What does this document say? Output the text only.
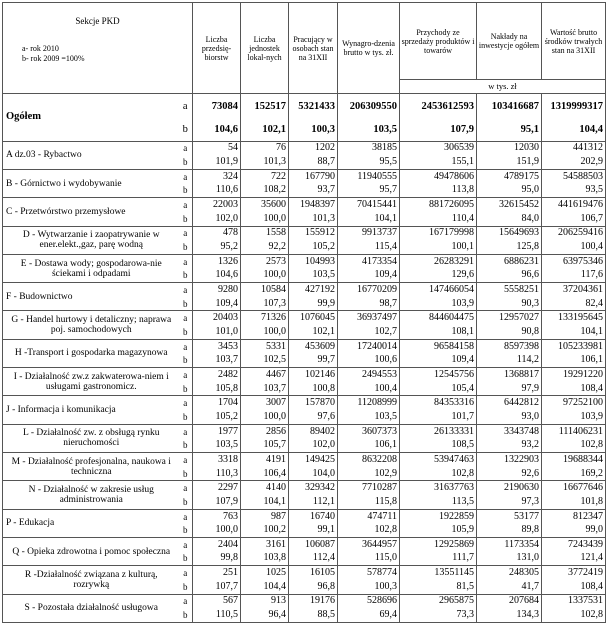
Sekcje PKD
a- rok 2010
b- rok 2009 =100%		Liczba przedsię-biorstw	Liczba jednostek lokal-nych	Pracujący w osobach stan na 31XII	Wynagro-dzenia brutto w tys. zł.	Przychody ze sprzedaży produktów i towarów	Nakłady na inwestycje ogółem	Wartość brutto środków trwałych stan na 31XII
						w tys. zł		
Ogółem	a	73084	152517	5321433	206309550	2453612593	103416687	1319999317
	b	104,6	102,1	100,3	103,5	107,9	95,1	104,4
A dz.03 - Rybactwo	a	54	76	1202	38185	306539	12030	441312
	b	101,9	101,3	88,7	95,5	155,1	151,9	202,9
B - Górnictwo i wydobywanie	a	324	722	167790	11940555	49478606	4789175	54588503
	b	110,6	108,2	93,7	95,7	113,8	95,0	93,5
C - Przetwórstwo przemysłowe	a	22003	35600	1948397	70415441	881726095	32615452	441619476
	b	102,0	100,0	101,3	104,1	110,4	84,0	106,7
D - Wytwarzanie i zaopatrywanie w ener.elekt.,gaz, parę wodną	a	478	1558	155912	9913737	167179998	15649693	206259416
	b	95,2	92,2	105,2	115,4	100,1	125,8	100,4
E - Dostawa wody; gospodarowa-nie ściekami i odpadami	a	1326	2573	104993	4173354	26283291	6886231	63975346
	b	104,6	100,0	103,5	109,4	129,6	96,6	117,6
F - Budownictwo	a	9280	10584	427192	16770209	147466054	5558251	37204361
	b	109,4	107,3	99,9	98,7	103,9	90,3	82,4
G - Handel hurtowy i detaliczny; naprawa poj. samochodowych	a	20403	71326	1076045	36937497	844604475	12957027	133195645
	b	101,0	100,0	102,1	102,7	108,1	90,8	104,1
H -Transport i gospodarka magazynowa	a	3453	5331	453609	17240014	96584158	8597398	105233981
	b	103,7	102,5	99,7	100,6	109,4	114,2	106,1
I - Działalność zw.z zakwaterowa-niem i usługami gastronomicz.	a	2482	4467	102146	2494553	12545756	1368817	19291220
	b	105,8	103,7	100,8	100,4	105,4	97,9	108,4
J - Informacja i komunikacja	a	1704	3007	157870	11208999	84353316	6442812	97252100
	b	105,2	100,0	97,6	103,5	101,7	93,0	103,9
L - Działalność zw. z obsługą rynku nieruchomości	a	1977	2856	89402	3607373	26133331	3343748	111406231
	b	103,5	105,7	102,0	106,1	108,5	93,2	102,8
M - Działalność profesjonalna, naukowa i techniczna	a	3318	4191	149425	8632208	53947463	1322903	19688344
	b	110,3	106,4	104,0	102,9	102,8	92,6	169,2
N - Działalność w zakresie usług administrowania	a	2297	4140	329342	7710287	31637763	2190630	16677646
	b	107,9	104,1	112,1	115,8	113,5	97,3	101,8
P - Edukacja	a	763	987	16740	474711	1922859	53177	812347
	b	100,0	100,2	99,1	102,8	105,9	89,8	99,0
Q - Opieka zdrowotna i pomoc społeczna	a	2404	3161	106087	3644957	12925869	1173354	7243439
	b	99,8	103,8	112,4	115,0	111,7	131,0	121,4
R -Działalność związana z kulturą, rozrywką	a	251	1025	16105	578774	13551145	248305	3772419
	b	107,7	104,4	96,8	100,3	81,5	41,7	108,4
S - Pozostała działalność usługowa	a	567	913	19176	528696	2965875	207684	1337531
	b	110,5	96,4	88,5	69,4	73,3	134,3	102,8
